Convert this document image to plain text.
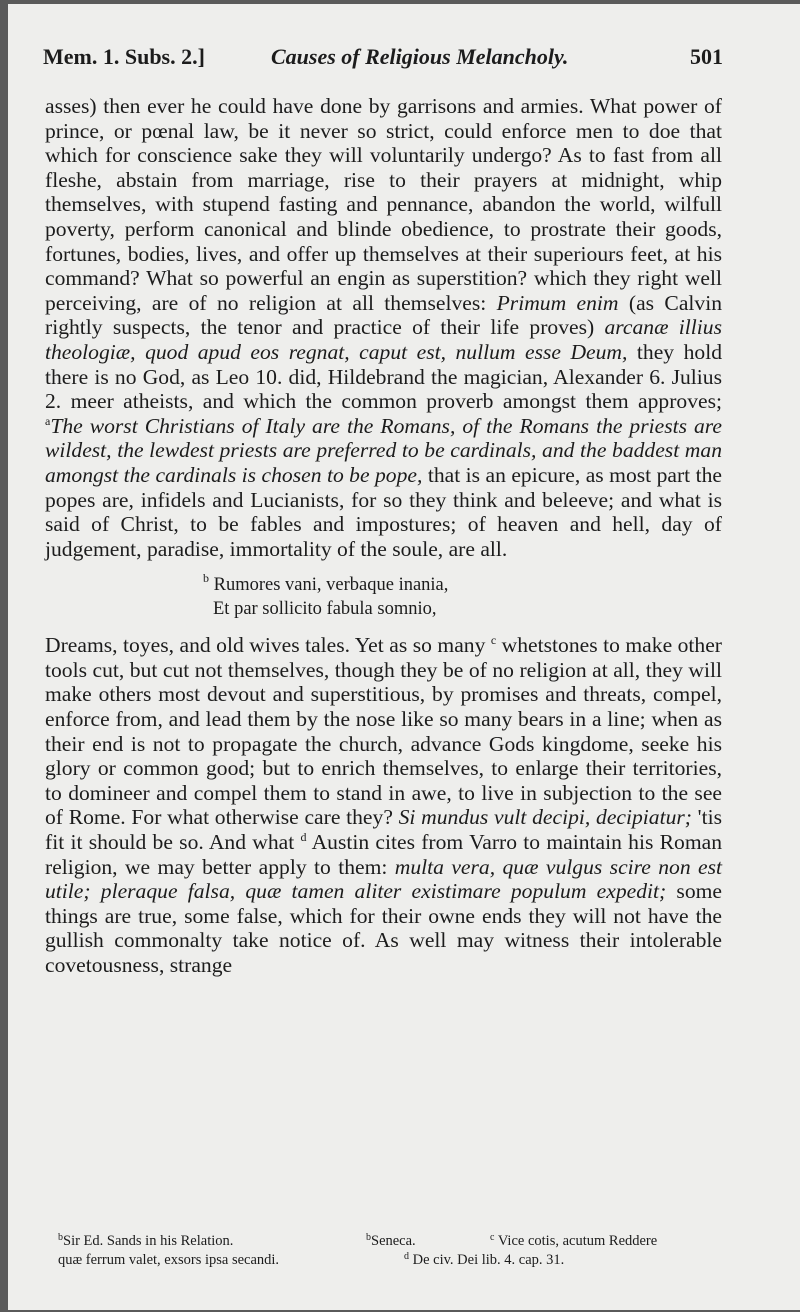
Mem. 1. Subs. 2.]	Causes of Religious Melancholy.	501

asses) then ever he could have done by garrisons and armies. What power of prince, or pœnal law, be it never so strict, could enforce men to doe that which for conscience sake they will voluntarily undergo? As to fast from all fleshe, abstain from marriage, rise to their prayers at midnight, whip themselves, with stupend fasting and pennance, abandon the world, wilfull poverty, perform canonical and blinde obedience, to prostrate their goods, fortunes, bodies, lives, and offer up themselves at their superiours feet, at his command? What so powerful an engin as superstition? which they right well perceiving, are of no religion at all themselves: Primum enim (as Calvin rightly suspects, the tenor and practice of their life proves) arcanæ illius theologiæ, quod apud eos regnat, caput est, nullum esse Deum, they hold there is no God, as Leo 10. did, Hildebrand the magician, Alexander 6. Julius 2. meer atheists, and which the common proverb amongst them approves; $^a$The worst Christians of Italy are the Romans, of the Romans the priests are wildest, the lewdest priests are preferred to be cardinals, and the baddest man amongst the cardinals is chosen to be pope, that is an epicure, as most part the popes are, infidels and Lucianists, for so they think and beleeve; and what is said of Christ, to be fables and impostures; of heaven and hell, day of judgement, paradise, immortality of the soule, are all.

$^b$ Rumores vani, verbaque inania,
Et par sollicito fabula somnio,

Dreams, toyes, and old wives tales. Yet as so many $^c$ whetstones to make other tools cut, but cut not themselves, though they be of no religion at all, they will make others most devout and superstitious, by promises and threats, compel, enforce from, and lead them by the nose like so many bears in a line; when as their end is not to propagate the church, advance Gods kingdome, seeke his glory or common good; but to enrich themselves, to enlarge their territories, to domineer and compel them to stand in awe, to live in subjection to the see of Rome. For what otherwise care they? Si mundus vult decipi, decipiatur; 'tis fit it should be so. And what $^d$ Austin cites from Varro to maintain his Roman religion, we may better apply to them: multa vera, quæ vulgus scire non est utile; pleraque falsa, quæ tamen aliter existimare populum expedit; some things are true, some false, which for their owne ends they will not have the gullish commonalty take notice of. As well may witness their intolerable covetousness, strange

$^b$Sir Ed. Sands in his Relation.	$^b$Seneca.	$^c$ Vice cotis, acutum Reddere
quæ ferrum valet, exsors ipsa secandi.	$^d$ De civ. Dei lib. 4. cap. 31.
